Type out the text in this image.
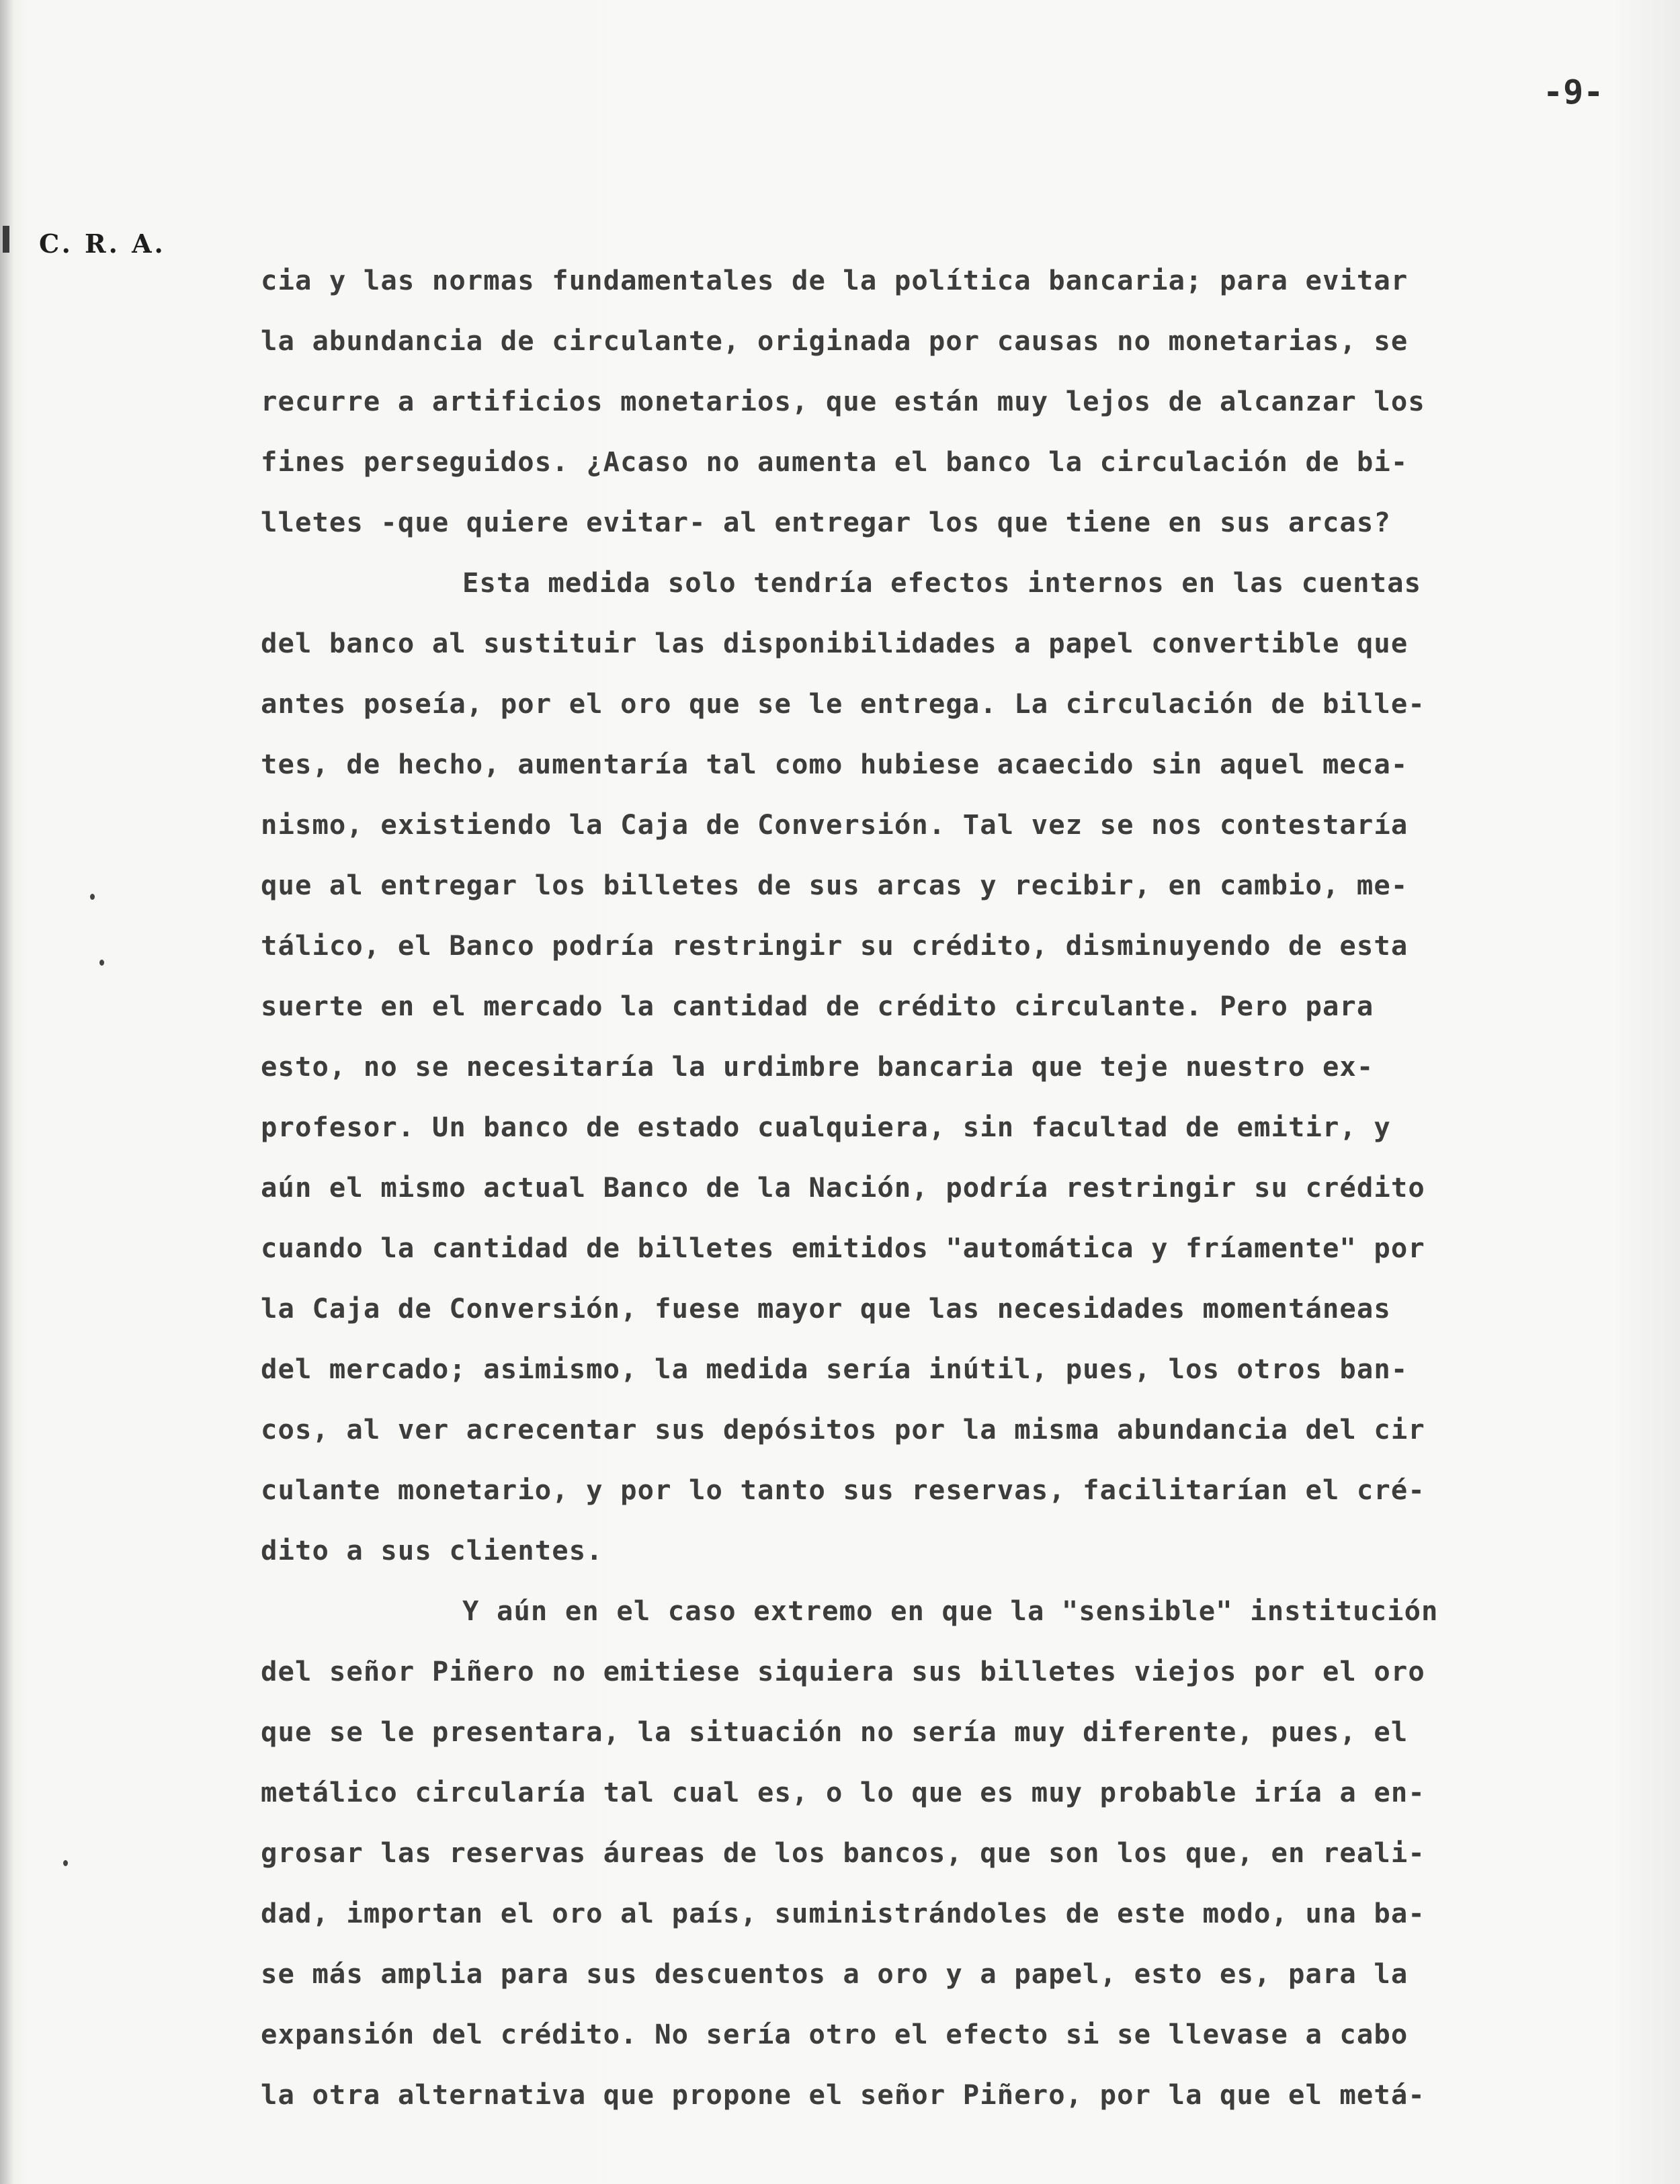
-9-
C. R. A.
cia y las normas fundamentales de la política bancaria; para evitar
la abundancia de circulante, originada por causas no monetarias, se
recurre a artificios monetarios, que están muy lejos de alcanzar los
fines perseguidos. ¿Acaso no aumenta el banco la circulación de bi-
lletes -que quiere evitar- al entregar los que tiene en sus arcas?
Esta medida solo tendría efectos internos en las cuentas
del banco al sustituir las disponibilidades a papel convertible que
antes poseía, por el oro que se le entrega. La circulación de bille-
tes, de hecho, aumentaría tal como hubiese acaecido sin aquel meca-
nismo, existiendo la Caja de Conversión. Tal vez se nos contestaría
que al entregar los billetes de sus arcas y recibir, en cambio, me-
tálico, el Banco podría restringir su crédito, disminuyendo de esta
suerte en el mercado la cantidad de crédito circulante. Pero para
esto, no se necesitaría la urdimbre bancaria que teje nuestro ex-
profesor. Un banco de estado cualquiera, sin facultad de emitir, y
aún el mismo actual Banco de la Nación, podría restringir su crédito
cuando la cantidad de billetes emitidos "automática y fríamente" por
la Caja de Conversión, fuese mayor que las necesidades momentáneas
del mercado; asimismo, la medida sería inútil, pues, los otros ban-
cos, al ver acrecentar sus depósitos por la misma abundancia del cir
culante monetario, y por lo tanto sus reservas, facilitarían el cré-
dito a sus clientes.
Y aún en el caso extremo en que la "sensible" institución
del señor Piñero no emitiese siquiera sus billetes viejos por el oro
que se le presentara, la situación no sería muy diferente, pues, el
metálico circularía tal cual es, o lo que es muy probable iría a en-
grosar las reservas áureas de los bancos, que son los que, en reali-
dad, importan el oro al país, suministrándoles de este modo, una ba-
se más amplia para sus descuentos a oro y a papel, esto es, para la
expansión del crédito. No sería otro el efecto si se llevase a cabo
la otra alternativa que propone el señor Piñero, por la que el metá-
